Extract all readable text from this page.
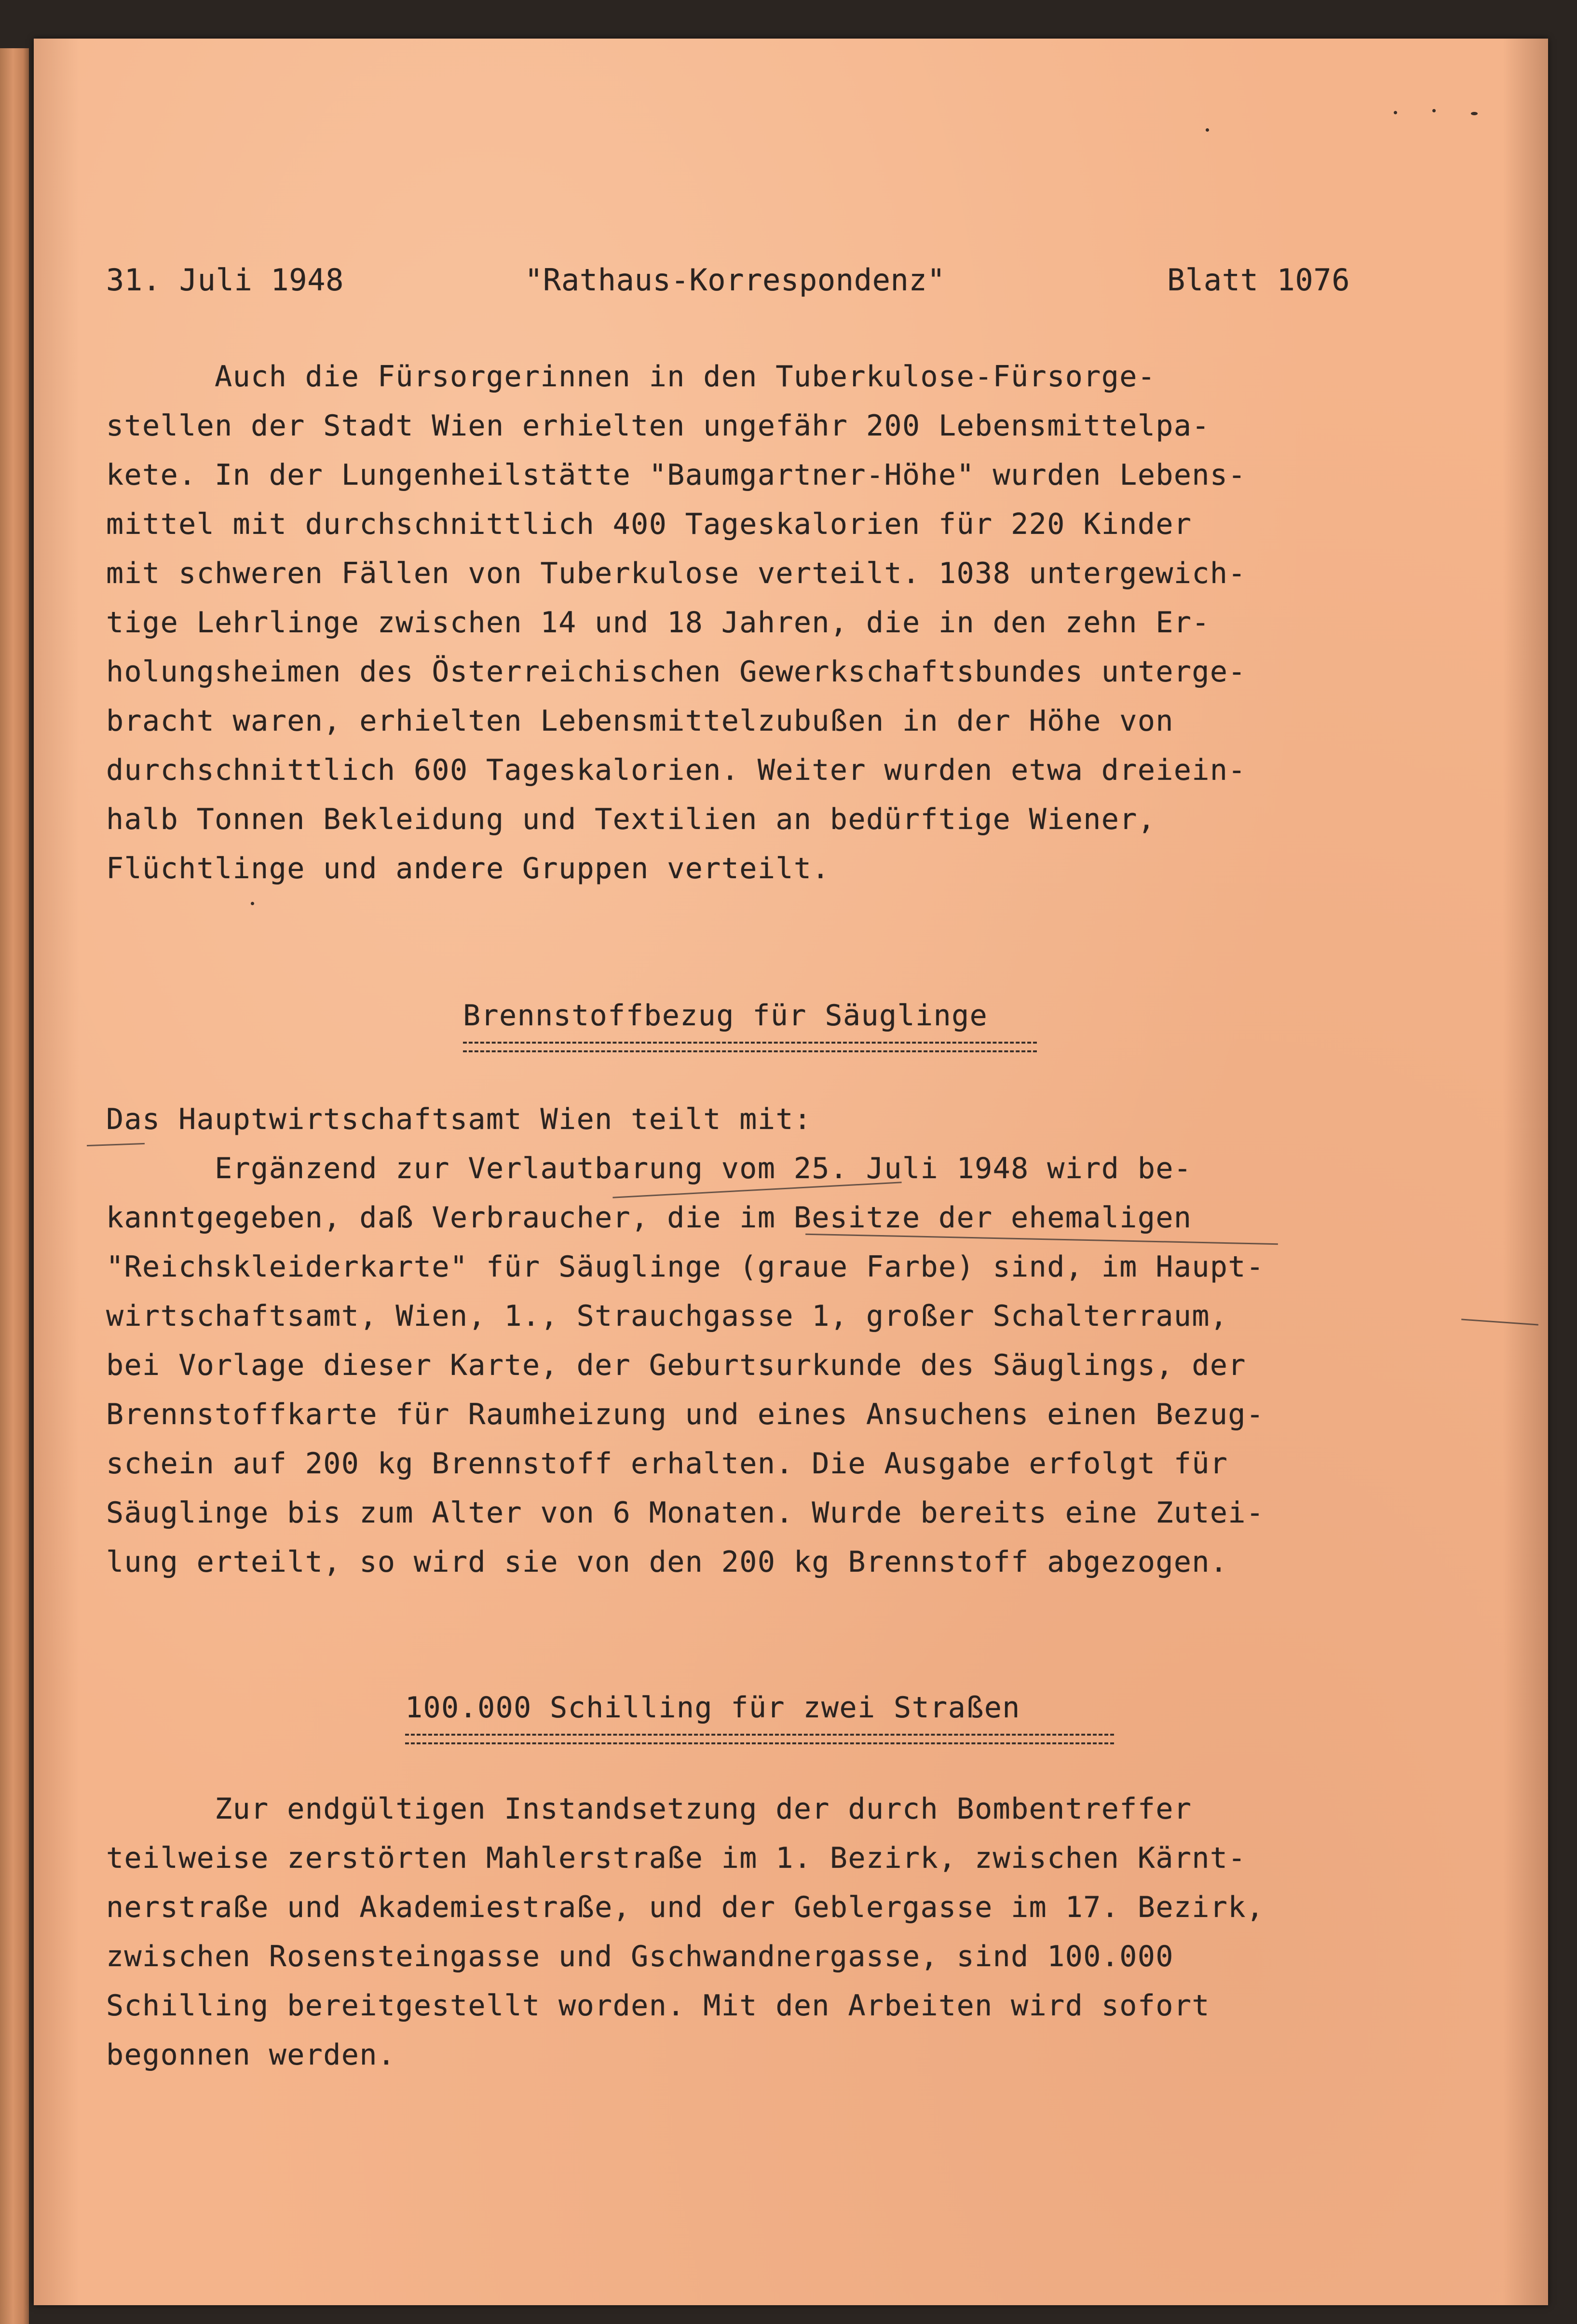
31. Juli 1948	"Rathaus-Korrespondenz"	Blatt 1076
Auch die Fürsorgerinnen in den Tuberkulose-Fürsorge-
stellen der Stadt Wien erhielten ungefähr 200 Lebensmittelpa-
kete. In der Lungenheilstätte "Baumgartner-Höhe" wurden Lebens-
mittel mit durchschnittlich 400 Tageskalorien für 220 Kinder
mit schweren Fällen von Tuberkulose verteilt. 1038 untergewich-
tige Lehrlinge zwischen 14 und 18 Jahren, die in den zehn Er-
holungsheimen des Österreichischen Gewerkschaftsbundes unterge-
bracht waren, erhielten Lebensmittelzubußen in der Höhe von
durchschnittlich 600 Tageskalorien. Weiter wurden etwa dreiein-
halb Tonnen Bekleidung und Textilien an bedürftige Wiener,
Flüchtlinge und andere Gruppen verteilt.
Brennstoffbezug für Säuglinge
Das Hauptwirtschaftsamt Wien teilt mit:
Ergänzend zur Verlautbarung vom 25. Juli 1948 wird be-
kanntgegeben, daß Verbraucher, die im Besitze der ehemaligen
"Reichskleiderkarte" für Säuglinge (graue Farbe) sind, im Haupt-
wirtschaftsamt, Wien, 1., Strauchgasse 1, großer Schalterraum,
bei Vorlage dieser Karte, der Geburtsurkunde des Säuglings, der
Brennstoffkarte für Raumheizung und eines Ansuchens einen Bezug-
schein auf 200 kg Brennstoff erhalten. Die Ausgabe erfolgt für
Säuglinge bis zum Alter von 6 Monaten. Wurde bereits eine Zutei-
lung erteilt, so wird sie von den 200 kg Brennstoff abgezogen.
100.000 Schilling für zwei Straßen
Zur endgültigen Instandsetzung der durch Bombentreffer
teilweise zerstörten Mahlerstraße im 1. Bezirk, zwischen Kärnt-
nerstraße und Akademiestraße, und der Geblergasse im 17. Bezirk,
zwischen Rosensteingasse und Gschwandnergasse, sind 100.000
Schilling bereitgestellt worden. Mit den Arbeiten wird sofort
begonnen werden.
